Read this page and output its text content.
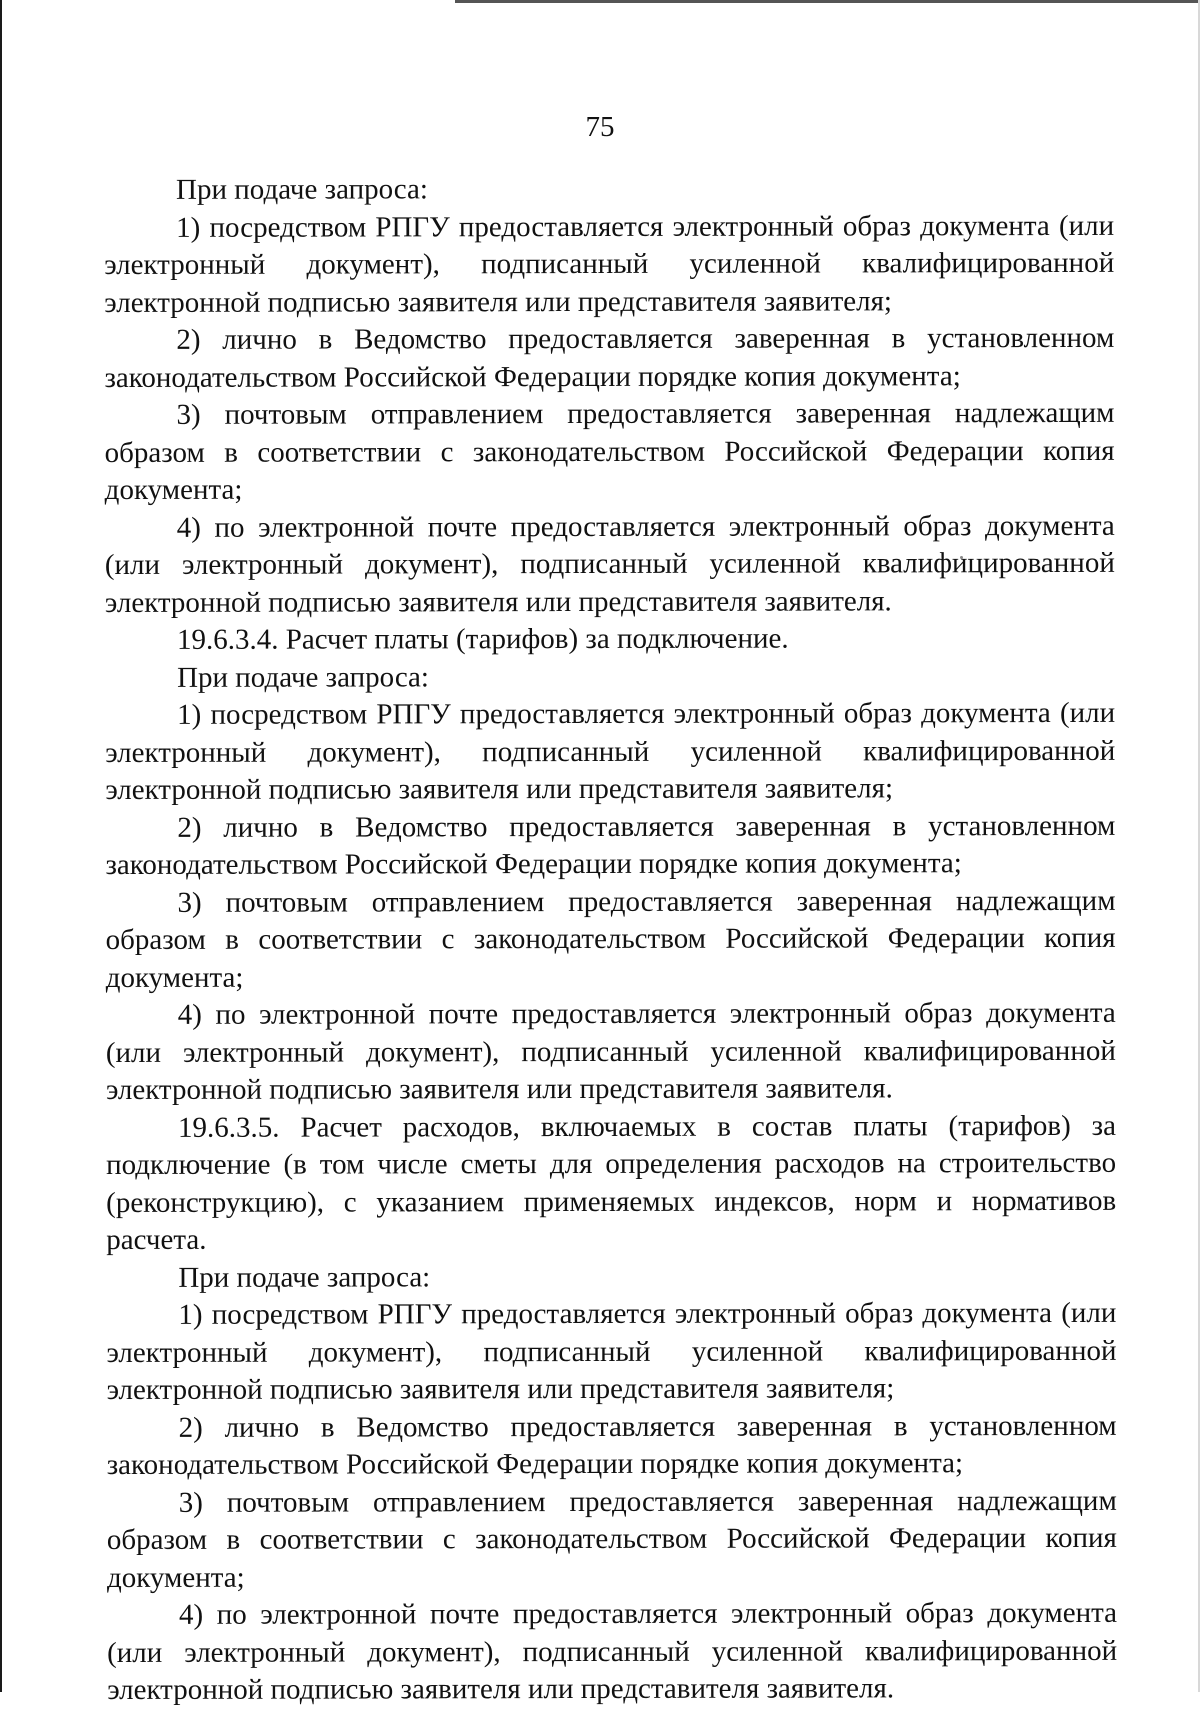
75

При подаче запроса:

1) посредством РПГУ предоставляется электронный образ документа (или электронный документ), подписанный усиленной квалифицированной электронной подписью заявителя или представителя заявителя;

2) лично в Ведомство предоставляется заверенная в установленном законодательством Российской Федерации порядке копия документа;

3) почтовым отправлением предоставляется заверенная надлежащим образом в соответствии с законодательством Российской Федерации копия документа;

4) по электронной почте предоставляется электронный образ документа (или электронный документ), подписанный усиленной квалифицированной электронной подписью заявителя или представителя заявителя.

19.6.3.4. Расчет платы (тарифов) за подключение.

При подаче запроса:

1) посредством РПГУ предоставляется электронный образ документа (или электронный документ), подписанный усиленной квалифицированной электронной подписью заявителя или представителя заявителя;

2) лично в Ведомство предоставляется заверенная в установленном законодательством Российской Федерации порядке копия документа;

3) почтовым отправлением предоставляется заверенная надлежащим образом в соответствии с законодательством Российской Федерации копия документа;

4) по электронной почте предоставляется электронный образ документа (или электронный документ), подписанный усиленной квалифицированной электронной подписью заявителя или представителя заявителя.

19.6.3.5. Расчет расходов, включаемых в состав платы (тарифов) за подключение (в том числе сметы для определения расходов на строительство (реконструкцию), с указанием применяемых индексов, норм и нормативов расчета.

При подаче запроса:

1) посредством РПГУ предоставляется электронный образ документа (или электронный документ), подписанный усиленной квалифицированной электронной подписью заявителя или представителя заявителя;

2) лично в Ведомство предоставляется заверенная в установленном законодательством Российской Федерации порядке копия документа;

3) почтовым отправлением предоставляется заверенная надлежащим образом в соответствии с законодательством Российской Федерации копия документа;

4) по электронной почте предоставляется электронный образ документа (или электронный документ), подписанный усиленной квалифицированной электронной подписью заявителя или представителя заявителя.
